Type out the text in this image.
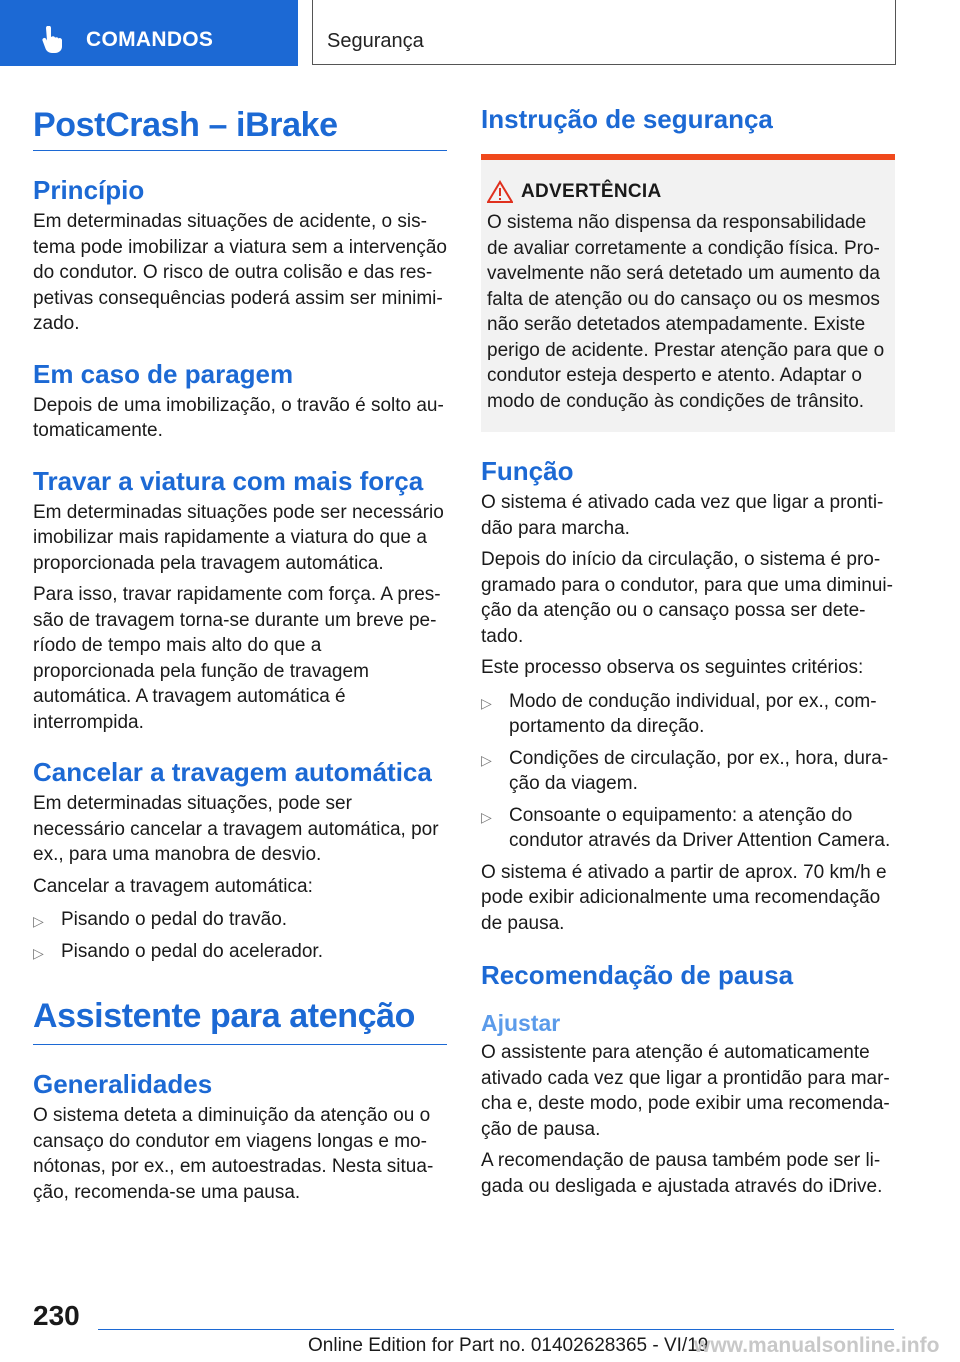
COMANDOS	Segurança
PostCrash – iBrake
Princípio

Em determinadas situações de acidente, o sis-tema pode imobilizar a viatura sem a intervenção do condutor. O risco de outra colisão e das res-petivas consequências poderá assim ser minimi-zado.

Em caso de paragem

Depois de uma imobilização, o travão é solto au-tomaticamente.

Travar a viatura com mais força

Em determinadas situações pode ser necessário imobilizar mais rapidamente a viatura do que a proporcionada pela travagem automática.

Para isso, travar rapidamente com força. A pres-são de travagem torna-se durante um breve pe-ríodo de tempo mais alto do que a proporcionada pela função de travagem automática. A travagem automática é interrompida.

Cancelar a travagem automática

Em determinadas situações, pode ser necessário cancelar a travagem automática, por ex., para uma manobra de desvio.

Cancelar a travagem automática:

▷ Pisando o pedal do travão.
▷ Pisando o pedal do acelerador.
Assistente para atenção
Generalidades

O sistema deteta a diminuição da atenção ou o cansaço do condutor em viagens longas e mo-nótonas, por ex., em autoestradas. Nesta situa-ção, recomenda-se uma pausa.

Instrução de segurança
ADVERTÊNCIA

O sistema não dispensa da responsabilidade de avaliar corretamente a condição física. Pro-vavelmente não será detetado um aumento da falta de atenção ou do cansaço ou os mesmos não serão detetados atempadamente. Existe perigo de acidente. Prestar atenção para que o condutor esteja desperto e atento. Adaptar o modo de condução às condições de trânsito.

Função

O sistema é ativado cada vez que ligar a pronti-dão para marcha.

Depois do início da circulação, o sistema é pro-gramado para o condutor, para que uma diminui-ção da atenção ou o cansaço possa ser dete-tado.

Este processo observa os seguintes critérios:

▷ Modo de condução individual, por ex., com-portamento da direção.
▷ Condições de circulação, por ex., hora, dura-ção da viagem.
▷ Consoante o equipamento: a atenção do condutor através da Driver Attention Camera.

O sistema é ativado a partir de aprox. 70 km/h e pode exibir adicionalmente uma recomendação de pausa.

Recomendação de pausa
Ajustar

O assistente para atenção é automaticamente ativado cada vez que ligar a prontidão para mar-cha e, deste modo, pode exibir uma recomenda-ção de pausa.

A recomendação de pausa também pode ser li-gada ou desligada e ajustada através do iDrive.

230
Online Edition for Part no. 01402628365 - VI/19
www.manualsonline.info
